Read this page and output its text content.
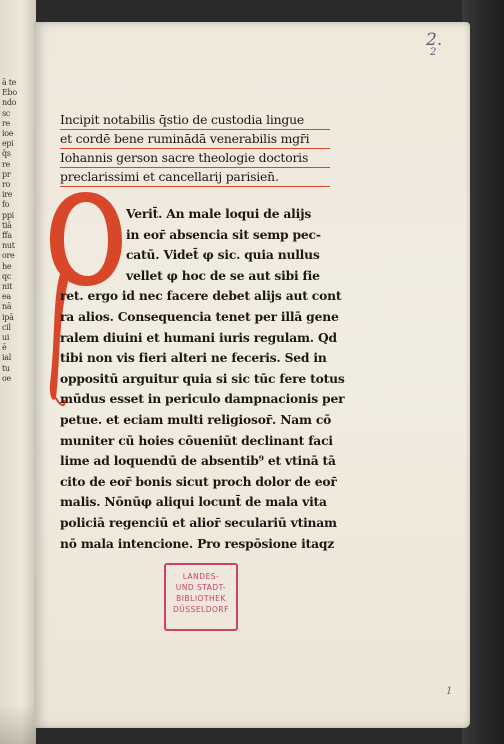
ā te
Ebo
ndo
sc
re
ioe
epi
q̄s
re
pr
ro
ire
fo
ppi
tiā
ffa
nut
ore
he
qc
nit
ea
nā
ipā
cil
ui
ē
ial
tu
oe
2.
2
1
Incipit notabilis q̄stio de custodia lingue
et cordē bene ruminādā venerabilis mgr̄i
Iohannis gerson sacre theologie doctoris
preclarissimi et cancellarij parisien̄.
Verit̄. An male loqui de alijs
in eor̄ absencia sit semp pec-
catū. Videt̄ φ sic. quia nullus
vellet φ hoc de se aut sibi fie
ret. ergo id nec facere debet alijs aut cont
ra alios. Consequencia tenet per illā gene
ralem diuini et humani iuris regulam. Qd
tibi non vis fieri alteri ne feceris. Sed in
oppositū arguitur quia si sic tūc fere totus
mūdus esset in periculo dampnacionis per
petue. et eciam multi religiosor̄. Nam cō
muniter cū hoies cōueniūt declinant faci
lime ad loquendū de absentib⁹ et vtinā tā
cito de eor̄ bonis sicut proch dolor de eor̄
malis. Nōnūφ aliqui locunt̄ de mala vita
policiā regenciū et alior̄ seculariū vtinam
nō mala intencione. Pro respōsione itaqz
LANDES-
UND STADT-
BIBLIOTHEK
DÜSSELDORF
